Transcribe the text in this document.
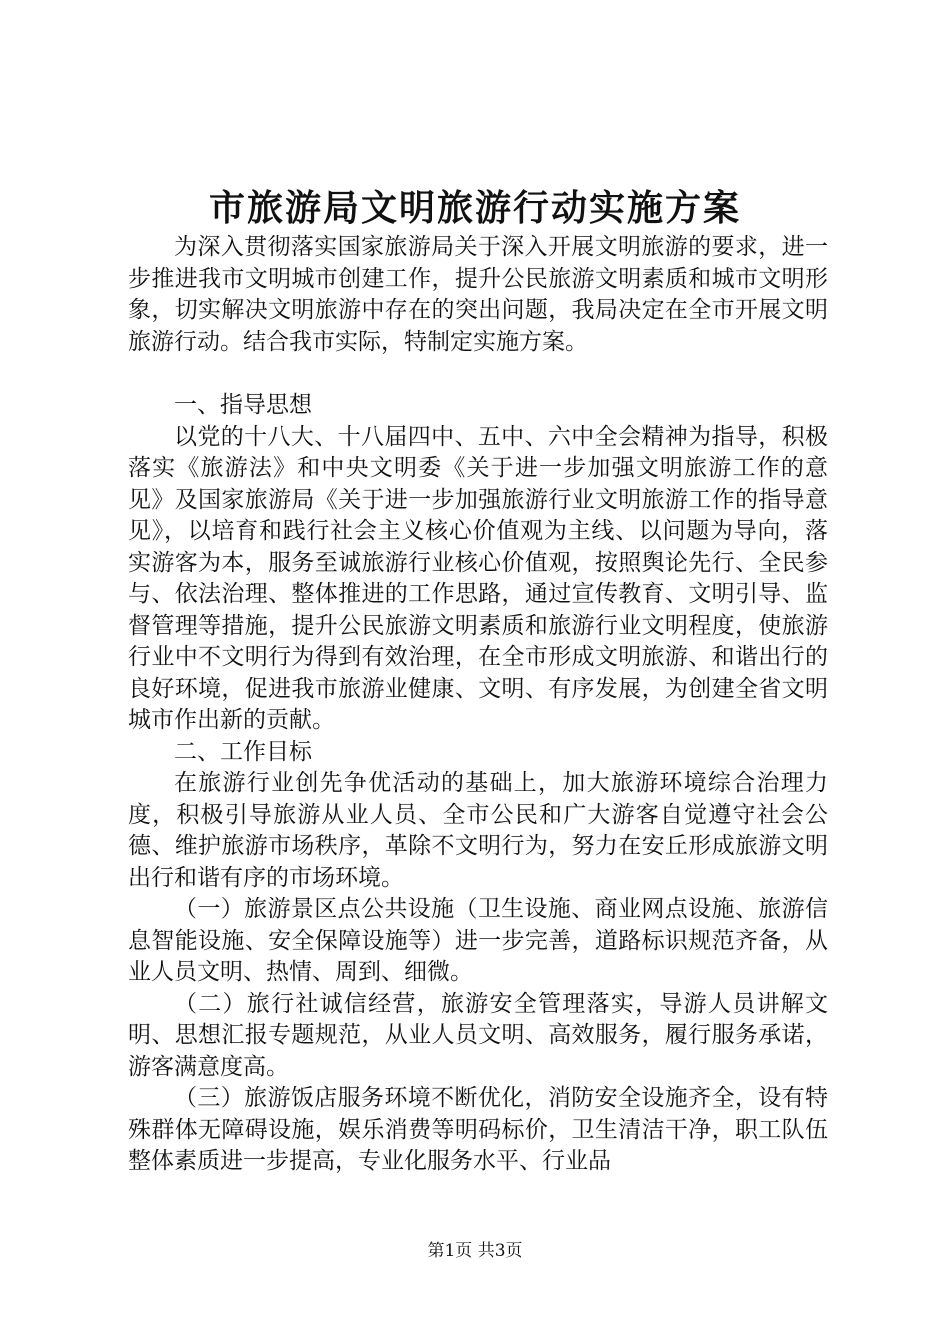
市旅游局文明旅游行动实施方案

为深入贯彻落实国家旅游局关于深入开展文明旅游的要求，进一步推进我市文明城市创建工作，提升公民旅游文明素质和城市文明形象，切实解决文明旅游中存在的突出问题，我局决定在全市开展文明旅游行动。结合我市实际，特制定实施方案。

一、指导思想

以党的十八大、十八届四中、五中、六中全会精神为指导，积极落实《旅游法》和中央文明委《关于进一步加强文明旅游工作的意见》及国家旅游局《关于进一步加强旅游行业文明旅游工作的指导意见》，以培育和践行社会主义核心价值观为主线、以问题为导向，落实游客为本，服务至诚旅游行业核心价值观，按照舆论先行、全民参与、依法治理、整体推进的工作思路，通过宣传教育、文明引导、监督管理等措施，提升公民旅游文明素质和旅游行业文明程度，使旅游行业中不文明行为得到有效治理，在全市形成文明旅游、和谐出行的良好环境，促进我市旅游业健康、文明、有序发展，为创建全省文明城市作出新的贡献。

二、工作目标

在旅游行业创先争优活动的基础上，加大旅游环境综合治理力度，积极引导旅游从业人员、全市公民和广大游客自觉遵守社会公德、维护旅游市场秩序，革除不文明行为，努力在安丘形成旅游文明出行和谐有序的市场环境。

（一）旅游景区点公共设施（卫生设施、商业网点设施、旅游信息智能设施、安全保障设施等）进一步完善，道路标识规范齐备，从业人员文明、热情、周到、细微。

（二）旅行社诚信经营，旅游安全管理落实，导游人员讲解文明、思想汇报专题规范，从业人员文明、高效服务，履行服务承诺，游客满意度高。

（三）旅游饭店服务环境不断优化，消防安全设施齐全，设有特殊群体无障碍设施，娱乐消费等明码标价，卫生清洁干净，职工队伍整体素质进一步提高，专业化服务水平、行业品

第1页 共3页
